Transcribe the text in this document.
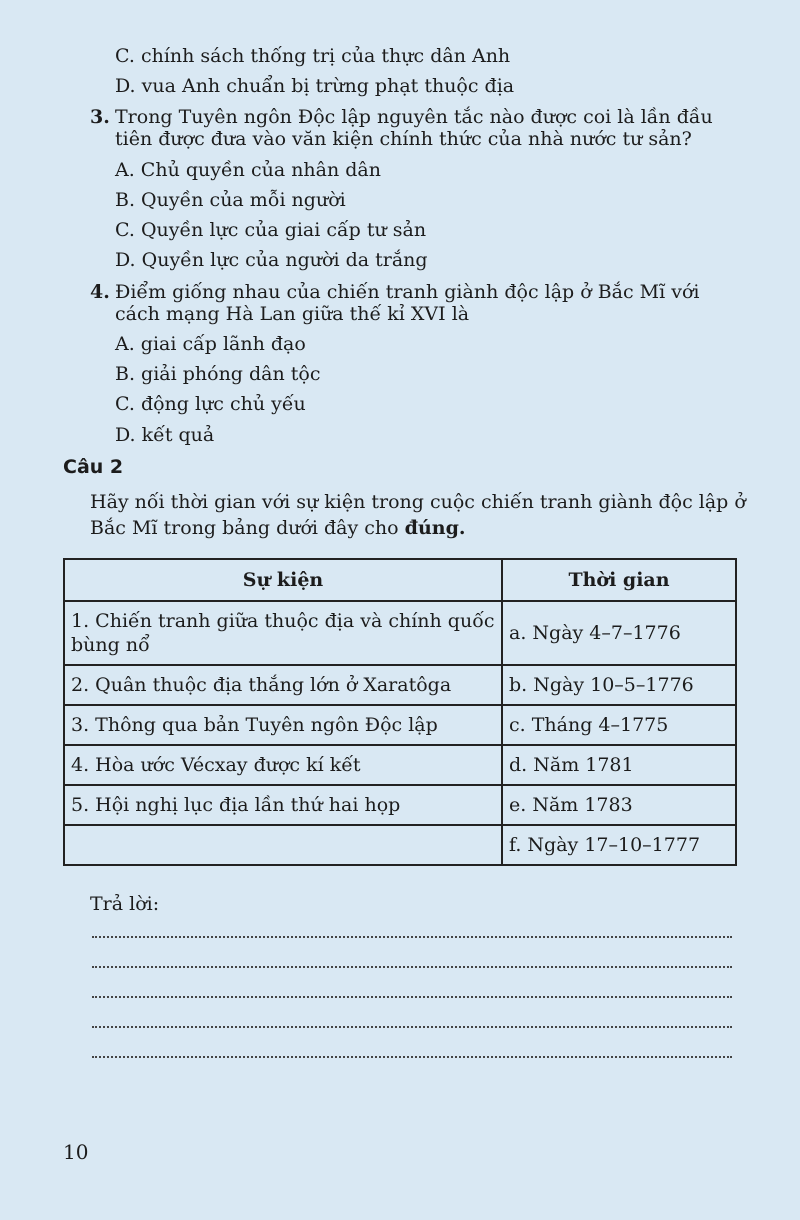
C. chính sách thống trị của thực dân Anh
D. vua Anh chuẩn bị trừng phạt thuộc địa
3. Trong Tuyên ngôn Độc lập nguyên tắc nào được coi là lần đầu tiên được đưa vào văn kiện chính thức của nhà nước tư sản?
A. Chủ quyền của nhân dân
B. Quyền của mỗi người
C. Quyền lực của giai cấp tư sản
D. Quyền lực của người da trắng
4. Điểm giống nhau của chiến tranh giành độc lập ở Bắc Mĩ với cách mạng Hà Lan giữa thế kỉ XVI là
A. giai cấp lãnh đạo
B. giải phóng dân tộc
C. động lực chủ yếu
D. kết quả
Câu 2
Hãy nối thời gian với sự kiện trong cuộc chiến tranh giành độc lập ở Bắc Mĩ trong bảng dưới đây cho đúng.
Sự kiện	Thời gian
1. Chiến tranh giữa thuộc địa và chính quốc bùng nổ	a. Ngày 4–7–1776
2. Quân thuộc địa thắng lớn ở Xaratôga	b. Ngày 10–5–1776
3. Thông qua bản Tuyên ngôn Độc lập	c. Tháng 4–1775
4. Hòa ước Vécxay được kí kết	d. Năm 1781
5. Hội nghị lục địa lần thứ hai họp	e. Năm 1783
	f. Ngày 17–10–1777
Trả lời:
10
